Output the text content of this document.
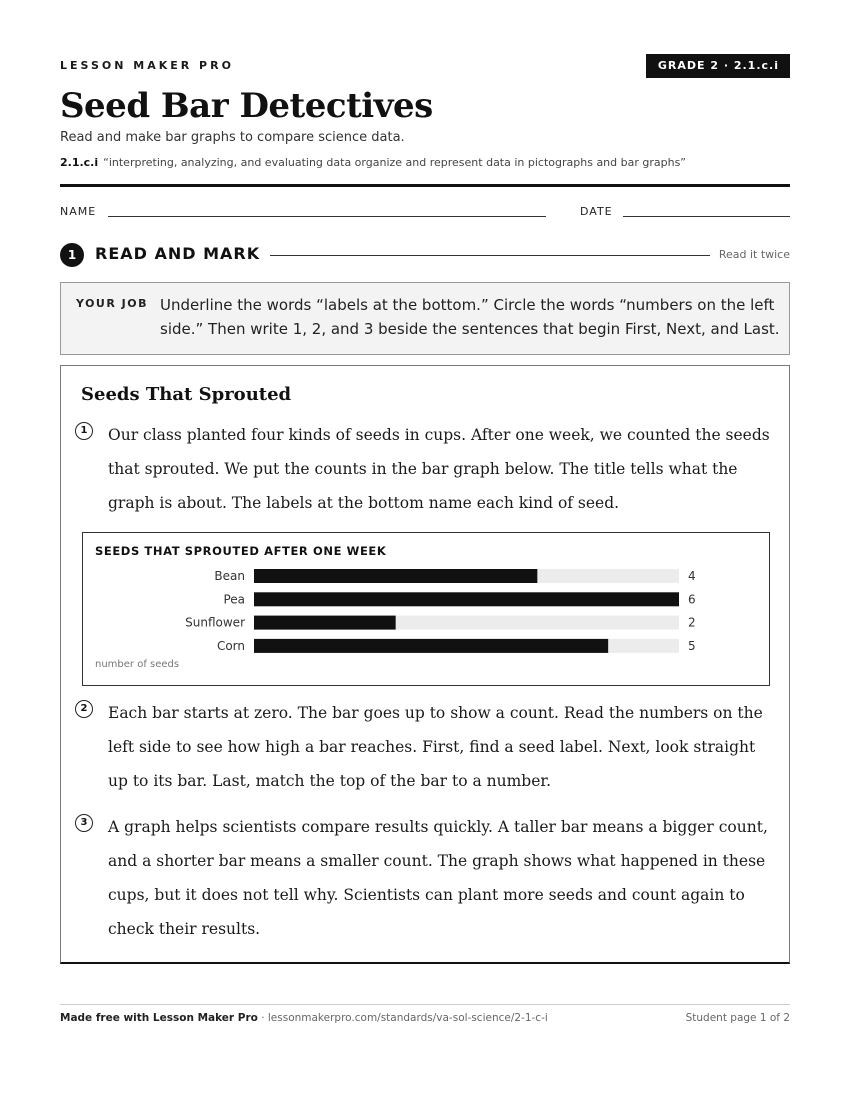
LESSON MAKER PRO	GRADE 2 · 2.1.c.i
Seed Bar Detectives
Read and make bar graphs to compare science data.
2.1.c.i “interpreting, analyzing, and evaluating data organize and represent data in pictographs and bar graphs”
NAME	DATE
1	READ AND MARK	Read it twice
YOUR JOB Underline the words “labels at the bottom.” Circle the words “numbers on the left side.” Then write 1, 2, and 3 beside the sentences that begin First, Next, and Last.
Seeds That Sprouted
1	Our class planted four kinds of seeds in cups. After one week, we counted the seeds that sprouted. We put the counts in the bar graph below. The title tells what the graph is about. The labels at the bottom name each kind of seed.

SEEDS THAT SPROUTED AFTER ONE WEEK
Bean	4
Pea	6
Sunflower	2
Corn	5
number of seeds
2	Each bar starts at zero. The bar goes up to show a count. Read the numbers on the left side to see how high a bar reaches. First, find a seed label. Next, look straight up to its bar. Last, match the top of the bar to a number.

3	A graph helps scientists compare results quickly. A taller bar means a bigger count, and a shorter bar means a smaller count. The graph shows what happened in these cups, but it does not tell why. Scientists can plant more seeds and count again to check their results.

Made free with Lesson Maker Pro · lessonmakerpro.com/standards/va-sol-science/2-1-c-i	Student page 1 of 2
